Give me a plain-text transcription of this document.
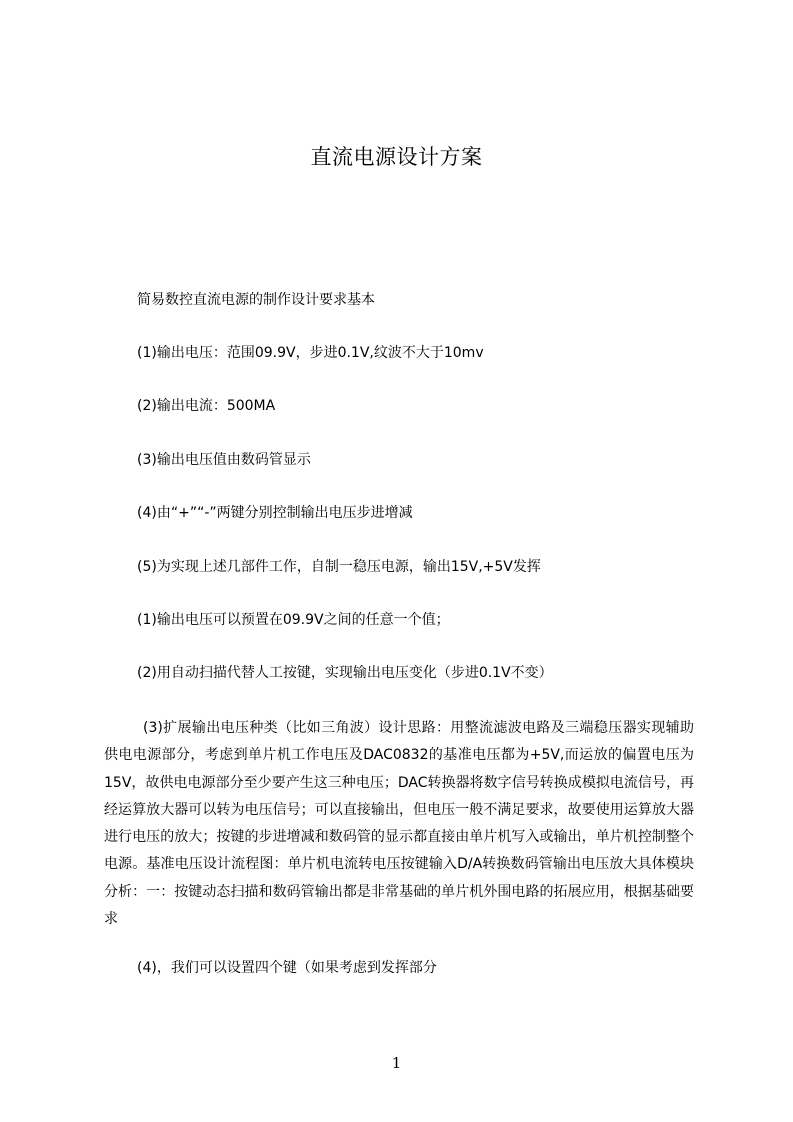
直流电源设计方案
简易数控直流电源的制作设计要求基本
(1)输出电压：范围09.9V，步进0.1V,纹波不大于10mv
(2)输出电流：500MA
(3)输出电压值由数码管显示
(4)由“+”“-”两键分别控制输出电压步进增减
(5)为实现上述几部件工作，自制一稳压电源，输出15V,+5V发挥
(1)输出电压可以预置在09.9V之间的任意一个值；
(2)用自动扫描代替人工按键，实现输出电压变化（步进0.1V不变）
(3)扩展输出电压种类（比如三角波）设计思路：用整流滤波电路及三端稳压器实现辅助供电电源部分，考虑到单片机工作电压及DAC0832的基准电压都为+5V,而运放的偏置电压为15V，故供电电源部分至少要产生这三种电压；DAC转换器将数字信号转换成模拟电流信号，再经运算放大器可以转为电压信号；可以直接输出，但电压一般不满足要求，故要使用运算放大器进行电压的放大；按键的步进增减和数码管的显示都直接由单片机写入或输出，单片机控制整个电源。基准电压设计流程图：单片机电流转电压按键输入D/A转换数码管输出电压放大具体模块分析：一：按键动态扫描和数码管输出都是非常基础的单片机外围电路的拓展应用，根据基础要求
(4)，我们可以设置四个键（如果考虑到发挥部分
1
